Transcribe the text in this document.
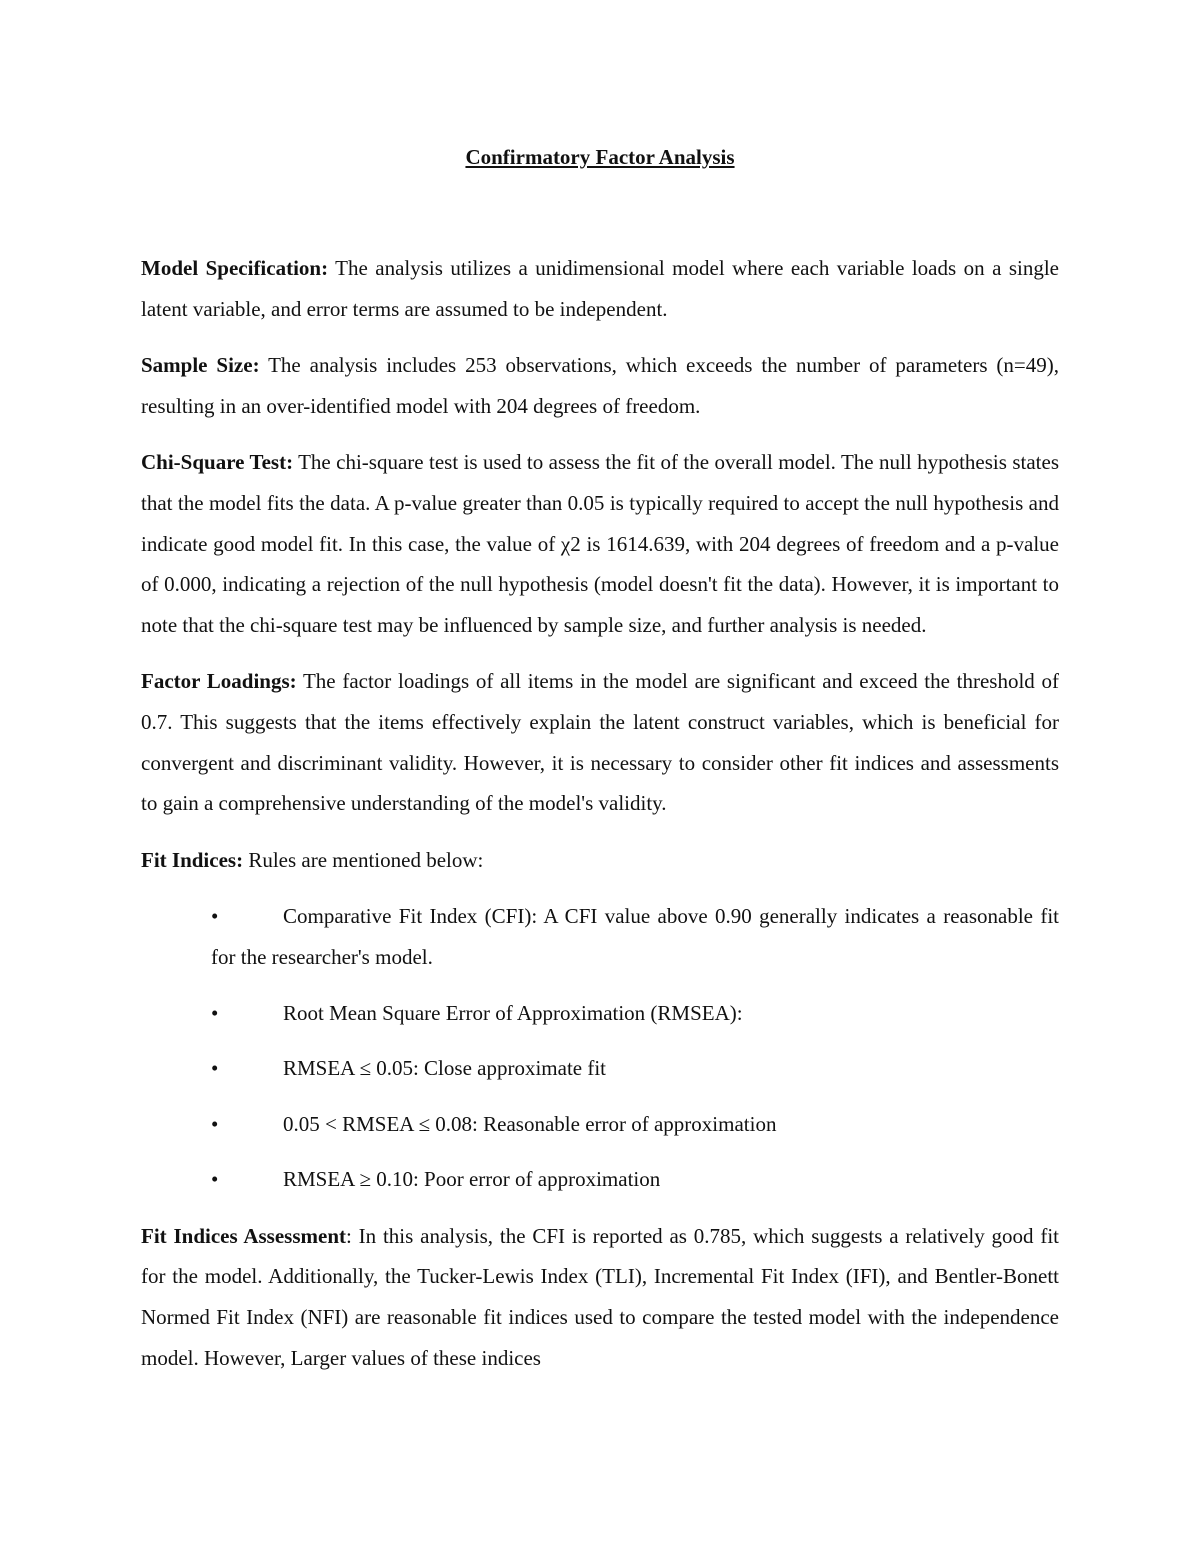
Confirmatory Factor Analysis

Model Specification: The analysis utilizes a unidimensional model where each variable loads on a single latent variable, and error terms are assumed to be independent.

Sample Size: The analysis includes 253 observations, which exceeds the number of parameters (n=49), resulting in an over-identified model with 204 degrees of freedom.

Chi-Square Test: The chi-square test is used to assess the fit of the overall model. The null hypothesis states that the model fits the data. A p-value greater than 0.05 is typically required to accept the null hypothesis and indicate good model fit. In this case, the value of χ2 is 1614.639, with 204 degrees of freedom and a p-value of 0.000, indicating a rejection of the null hypothesis (model doesn't fit the data). However, it is important to note that the chi-square test may be influenced by sample size, and further analysis is needed.

Factor Loadings: The factor loadings of all items in the model are significant and exceed the threshold of 0.7. This suggests that the items effectively explain the latent construct variables, which is beneficial for convergent and discriminant validity. However, it is necessary to consider other fit indices and assessments to gain a comprehensive understanding of the model's validity.

Fit Indices: Rules are mentioned below:

•	Comparative Fit Index (CFI): A CFI value above 0.90 generally indicates a reasonable fit for the researcher's model.
•	Root Mean Square Error of Approximation (RMSEA):
•	RMSEA ≤ 0.05: Close approximate fit
•	0.05 < RMSEA ≤ 0.08: Reasonable error of approximation
•	RMSEA ≥ 0.10: Poor error of approximation

Fit Indices Assessment: In this analysis, the CFI is reported as 0.785, which suggests a relatively good fit for the model. Additionally, the Tucker-Lewis Index (TLI), Incremental Fit Index (IFI), and Bentler-Bonett Normed Fit Index (NFI) are reasonable fit indices used to compare the tested model with the independence model. However, Larger values of these indices
